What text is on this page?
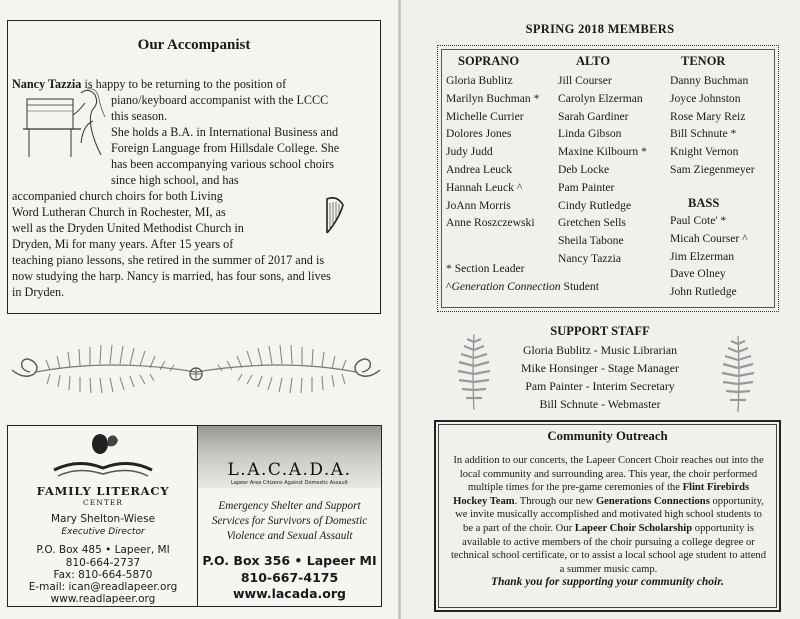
Our Accompanist
Nancy Tazzia is happy to be returning to the position of
piano/keyboard accompanist with the LCCC
this season.
She holds a B.A. in International Business and
Foreign Language from Hillsdale College. She
has been accompanying various school choirs
since high school, and has
accompanied church choirs for both Living
Word Lutheran Church in Rochester, MI, as
well as the Dryden United Methodist Church in
Dryden, Mi for many years. After 15 years of
teaching piano lessons, she retired in the summer of 2017 and is
now studying the harp. Nancy is married, has four sons, and lives
in Dryden.
FAMILY LITERACY
CENTER
Mary Shelton-Wiese
Executive Director
P.O. Box 485 • Lapeer, MI
810-664-2737
Fax: 810-664-5870
E-mail: ican@readlapeer.org
www.readlapeer.org
L.A.C.A.D.A.
Lapeer Area Citizens Against Domestic Assault
Emergency Shelter and Support
Services for Survivors of Domestic
Violence and Sexual Assault
P.O. Box 356 • Lapeer MI
810-667-4175
www.lacada.org
SPRING 2018 MEMBERS
SOPRANO	ALTO	TENOR
Gloria Bublitz
Marilyn Buchman *
Michelle Currier
Dolores Jones
Judy Judd
Andrea Leuck
Hannah Leuck ^
JoAnn Morris
Anne Roszczewski
Jill Courser
Carolyn Elzerman
Sarah Gardiner
Linda Gibson
Maxine Kilbourn *
Deb Locke
Pam Painter
Cindy Rutledge
Gretchen Sells
Sheila Tabone
Nancy Tazzia
Danny Buchman
Joyce Johnston
Rose Mary Reiz
Bill Schnute *
Knight Vernon
Sam Ziegenmeyer
BASS
Paul Cote' *
Micah Courser ^
Jim Elzerman
Dave Olney
John Rutledge
* Section Leader
^Generation Connection Student
SUPPORT STAFF
Gloria Bublitz - Music Librarian
Mike Honsinger - Stage Manager
Pam Painter - Interim Secretary
Bill Schnute - Webmaster
Community Outreach
In addition to our concerts, the Lapeer Concert Choir reaches out into the local community and surrounding area. This year, the choir performed multiple times for the pre-game ceremonies of the Flint Firebirds Hockey Team. Through our new Generations Connections opportunity, we invite musically accomplished and motivated high school students to be a part of the choir. Our Lapeer Choir Scholarship opportunity is available to active members of the choir pursuing a college degree or technical school certificate, or to assist a local school age student to attend a summer music camp.
Thank you for supporting your community choir.
